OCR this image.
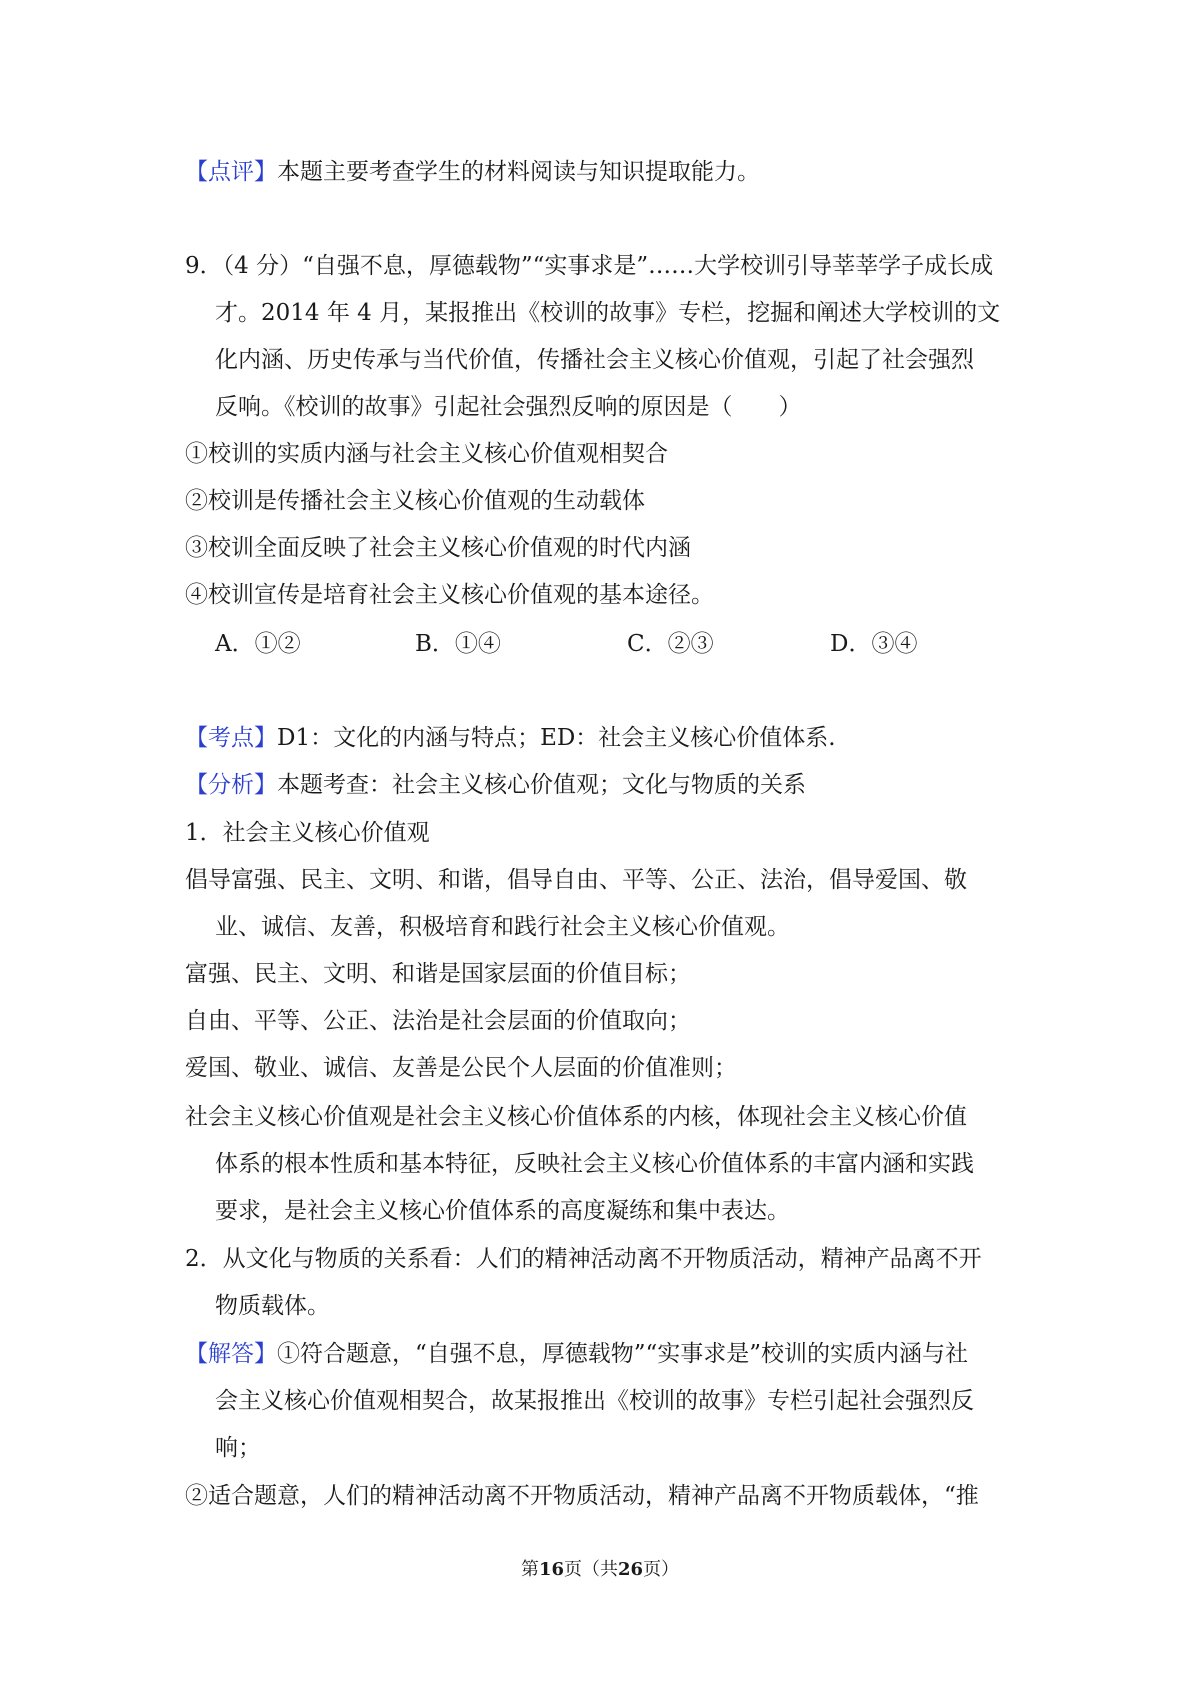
【点评】本题主要考查学生的材料阅读与知识提取能力。
9．（4 分）“自强不息，厚德载物”“实事求是”……大学校训引导莘莘学子成长成
才。2014 年 4 月，某报推出《校训的故事》专栏，挖掘和阐述大学校训的文
化内涵、历史传承与当代价值，传播社会主义核心价值观，引起了社会强烈
反响。《校训的故事》引起社会强烈反响的原因是（　　）
①校训的实质内涵与社会主义核心价值观相契合
②校训是传播社会主义核心价值观的生动载体
③校训全面反映了社会主义核心价值观的时代内涵
④校训宣传是培育社会主义核心价值观的基本途径。
A．①②	B．①④	C．②③	D．③④
【考点】D1：文化的内涵与特点；ED：社会主义核心价值体系.
【分析】本题考查：社会主义核心价值观；文化与物质的关系
1．社会主义核心价值观
倡导富强、民主、文明、和谐，倡导自由、平等、公正、法治，倡导爱国、敬
业、诚信、友善，积极培育和践行社会主义核心价值观。
富强、民主、文明、和谐是国家层面的价值目标；
自由、平等、公正、法治是社会层面的价值取向；
爱国、敬业、诚信、友善是公民个人层面的价值准则；
社会主义核心价值观是社会主义核心价值体系的内核，体现社会主义核心价值
体系的根本性质和基本特征，反映社会主义核心价值体系的丰富内涵和实践
要求，是社会主义核心价值体系的高度凝练和集中表达。
2．从文化与物质的关系看：人们的精神活动离不开物质活动，精神产品离不开
物质载体。
【解答】①符合题意，“自强不息，厚德载物”“实事求是”校训的实质内涵与社
会主义核心价值观相契合，故某报推出《校训的故事》专栏引起社会强烈反
响；
②适合题意，人们的精神活动离不开物质活动，精神产品离不开物质载体，“推
第16页（共26页）
